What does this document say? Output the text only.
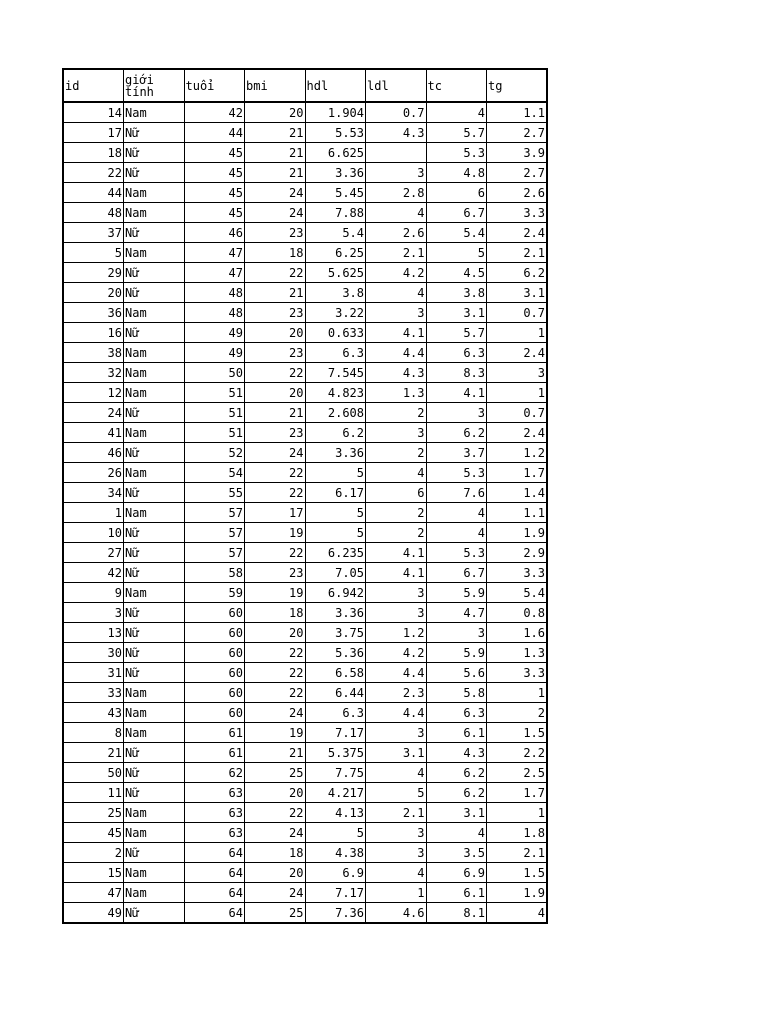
id	giới tính	tuổi	bmi	hdl	ldl	tc	tg
14	Nam	42	20	1.904	0.7	4	1.1
17	Nữ	44	21	5.53	4.3	5.7	2.7
18	Nữ	45	21	6.625		5.3	3.9
22	Nữ	45	21	3.36	3	4.8	2.7
44	Nam	45	24	5.45	2.8	6	2.6
48	Nam	45	24	7.88	4	6.7	3.3
37	Nữ	46	23	5.4	2.6	5.4	2.4
5	Nam	47	18	6.25	2.1	5	2.1
29	Nữ	47	22	5.625	4.2	4.5	6.2
20	Nữ	48	21	3.8	4	3.8	3.1
36	Nam	48	23	3.22	3	3.1	0.7
16	Nữ	49	20	0.633	4.1	5.7	1
38	Nam	49	23	6.3	4.4	6.3	2.4
32	Nam	50	22	7.545	4.3	8.3	3
12	Nam	51	20	4.823	1.3	4.1	1
24	Nữ	51	21	2.608	2	3	0.7
41	Nam	51	23	6.2	3	6.2	2.4
46	Nữ	52	24	3.36	2	3.7	1.2
26	Nam	54	22	5	4	5.3	1.7
34	Nữ	55	22	6.17	6	7.6	1.4
1	Nam	57	17	5	2	4	1.1
10	Nữ	57	19	5	2	4	1.9
27	Nữ	57	22	6.235	4.1	5.3	2.9
42	Nữ	58	23	7.05	4.1	6.7	3.3
9	Nam	59	19	6.942	3	5.9	5.4
3	Nữ	60	18	3.36	3	4.7	0.8
13	Nữ	60	20	3.75	1.2	3	1.6
30	Nữ	60	22	5.36	4.2	5.9	1.3
31	Nữ	60	22	6.58	4.4	5.6	3.3
33	Nam	60	22	6.44	2.3	5.8	1
43	Nam	60	24	6.3	4.4	6.3	2
8	Nam	61	19	7.17	3	6.1	1.5
21	Nữ	61	21	5.375	3.1	4.3	2.2
50	Nữ	62	25	7.75	4	6.2	2.5
11	Nữ	63	20	4.217	5	6.2	1.7
25	Nam	63	22	4.13	2.1	3.1	1
45	Nam	63	24	5	3	4	1.8
2	Nữ	64	18	4.38	3	3.5	2.1
15	Nam	64	20	6.9	4	6.9	1.5
47	Nam	64	24	7.17	1	6.1	1.9
49	Nữ	64	25	7.36	4.6	8.1	4
